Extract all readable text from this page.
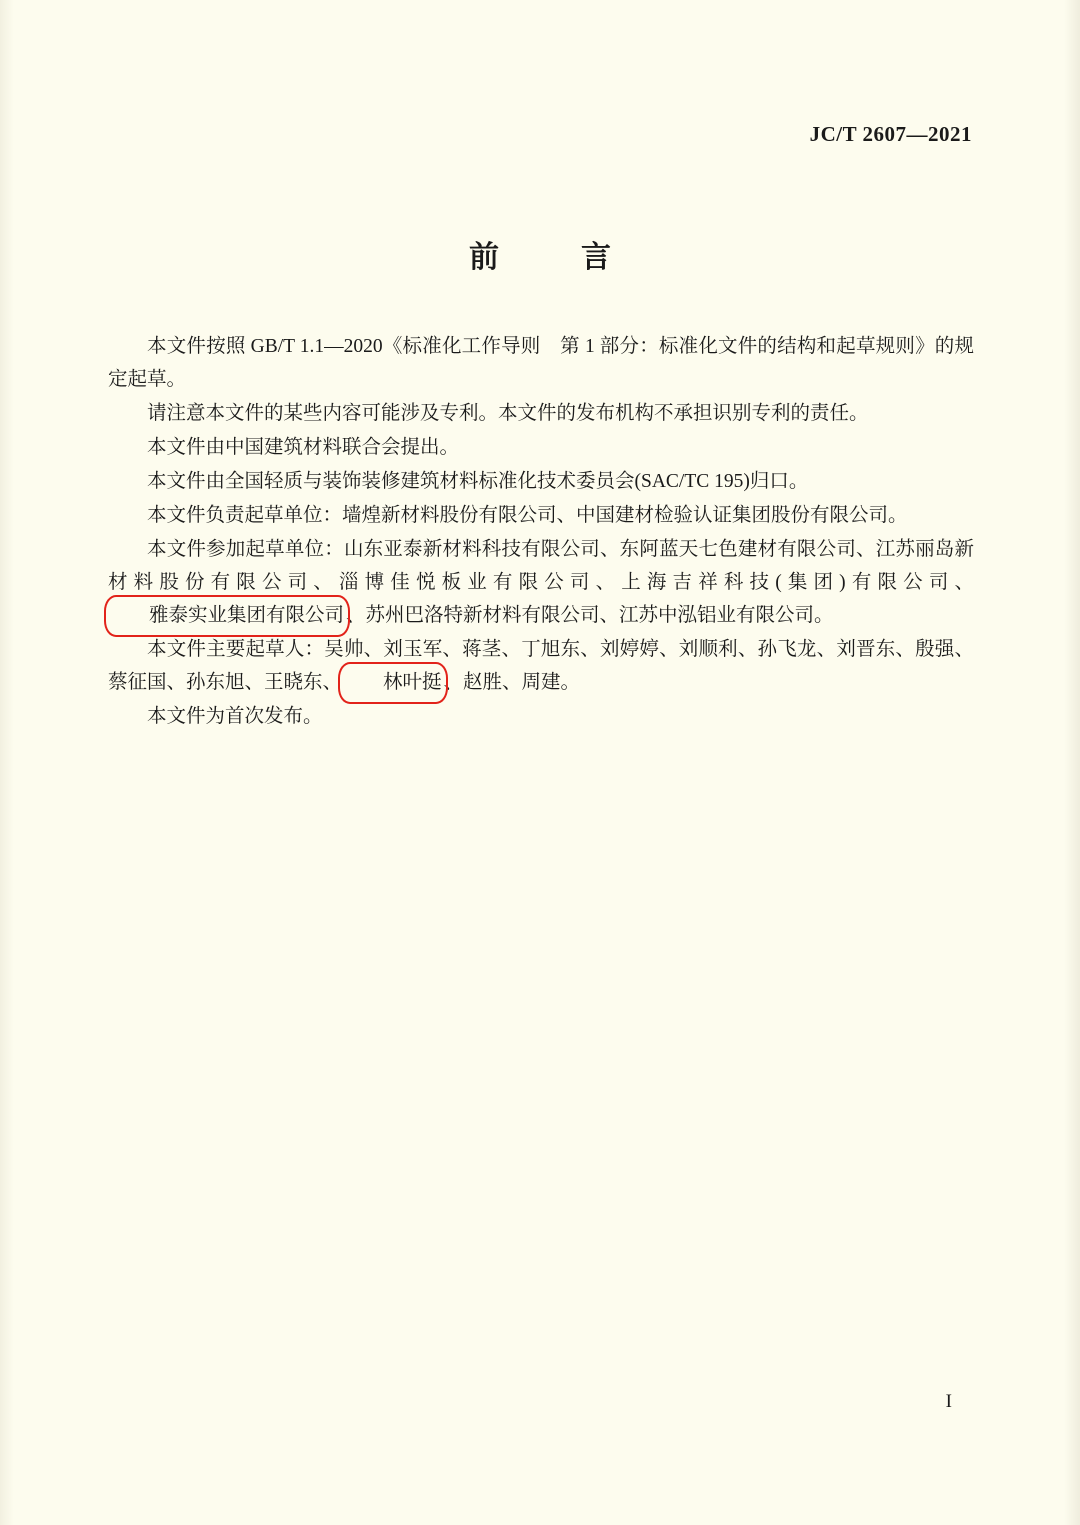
JC/T 2607—2021
前　言

本文件按照 GB/T 1.1—2020《标准化工作导则　第 1 部分：标准化文件的结构和起草规则》的规定起草。

请注意本文件的某些内容可能涉及专利。本文件的发布机构不承担识别专利的责任。

本文件由中国建筑材料联合会提出。

本文件由全国轻质与装饰装修建筑材料标准化技术委员会(SAC/TC 195)归口。

本文件负责起草单位：墙煌新材料股份有限公司、中国建材检验认证集团股份有限公司。

本文件参加起草单位：山东亚泰新材料科技有限公司、东阿蓝天七色建材有限公司、江苏丽岛新材料股份有限公司、淄博佳悦板业有限公司、上海吉祥科技(集团)有限公司、雅泰实业集团有限公司 、苏州巴洛特新材料有限公司、江苏中泓铝业有限公司。

本文件主要起草人：吴帅、刘玉军、蒋茎、丁旭东、刘婷婷、刘顺利、孙飞龙、刘晋东、殷强、蔡征国、孙东旭、王晓东、 林叶挺 、赵胜、周建。

本文件为首次发布。

I
